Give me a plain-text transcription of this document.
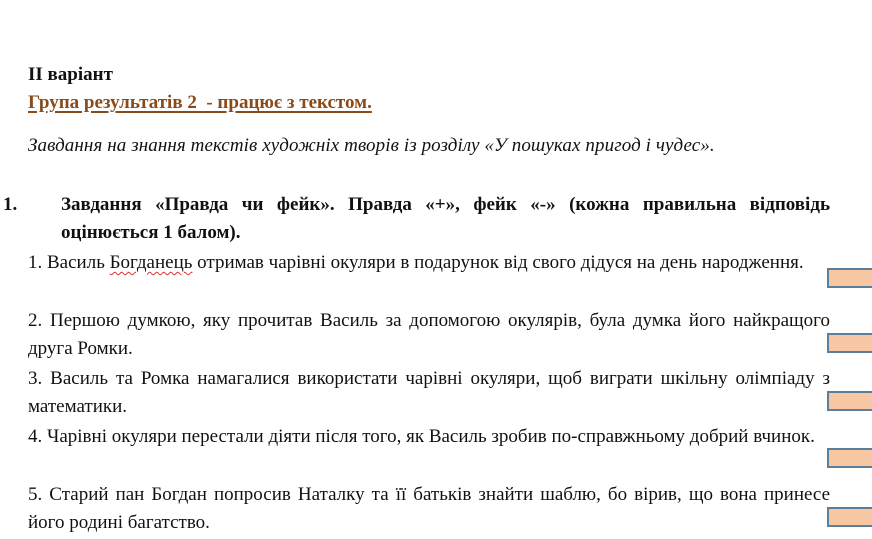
ІІ варіант
Група результатів 2  - працює з текстом.
Завдання на знання текстів художніх творів із розділу «У пошуках пригод і чудес».
1. Завдання «Правда чи фейк». Правда «+», фейк «-» (кожна правильна відповідь оцінюється 1 балом).

1. Василь Богданець отримав чарівні окуляри в подарунок від свого дідуся на день народження.

2. Першою думкою, яку прочитав Василь за допомогою окулярів, була думка його найкращого друга Ромки.

3. Василь та Ромка намагалися використати чарівні окуляри, щоб виграти шкільну олімпіаду з математики.

4. Чарівні окуляри перестали діяти після того, як Василь зробив по-справжньому добрий вчинок.

5. Старий пан Богдан попросив Наталку та її батьків знайти шаблю, бо вірив, що вона принесе його родині багатство.
